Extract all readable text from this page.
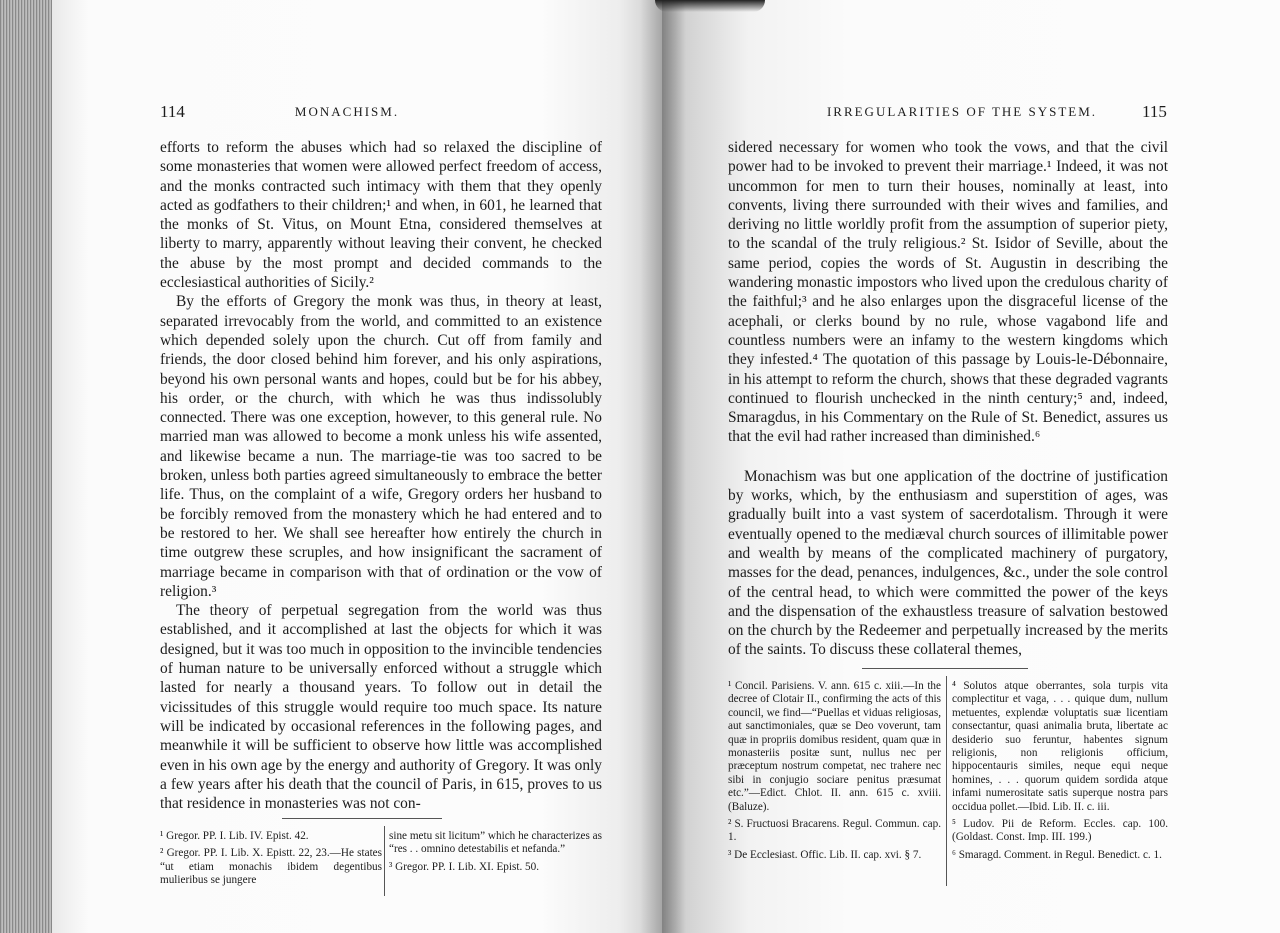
114	MONACHISM.

efforts to reform the abuses which had so relaxed the discipline of some monasteries that women were allowed perfect freedom of access, and the monks contracted such intimacy with them that they openly acted as godfathers to their children;¹ and when, in 601, he learned that the monks of St. Vitus, on Mount Etna, considered themselves at liberty to marry, apparently without leaving their convent, he checked the abuse by the most prompt and decided commands to the ecclesiastical authorities of Sicily.²

By the efforts of Gregory the monk was thus, in theory at least, separated irrevocably from the world, and committed to an existence which depended solely upon the church. Cut off from family and friends, the door closed behind him forever, and his only aspirations, beyond his own personal wants and hopes, could but be for his abbey, his order, or the church, with which he was thus indissolubly connected. There was one exception, however, to this general rule. No married man was allowed to become a monk unless his wife assented, and likewise became a nun. The marriage-tie was too sacred to be broken, unless both parties agreed simultaneously to embrace the better life. Thus, on the complaint of a wife, Gregory orders her husband to be forcibly removed from the monastery which he had entered and to be restored to her. We shall see hereafter how entirely the church in time outgrew these scruples, and how insignificant the sacrament of marriage became in comparison with that of ordination or the vow of religion.³

The theory of perpetual segregation from the world was thus established, and it accomplished at last the objects for which it was designed, but it was too much in opposition to the invincible tendencies of human nature to be universally enforced without a struggle which lasted for nearly a thousand years. To follow out in detail the vicissitudes of this struggle would require too much space. Its nature will be indicated by occasional references in the following pages, and meanwhile it will be sufficient to observe how little was accomplished even in his own age by the energy and authority of Gregory. It was only a few years after his death that the council of Paris, in 615, proves to us that residence in monasteries was not con-

¹ Gregor. PP. I. Lib. IV. Epist. 42.

² Gregor. PP. I. Lib. X. Epistt. 22, 23.—He states “ut etiam monachis ibidem degentibus mulieribus se jungere

sine metu sit licitum” which he characterizes as “res . . omnino detestabilis et nefanda.”

³ Gregor. PP. I. Lib. XI. Epist. 50.

IRREGULARITIES OF THE SYSTEM.	115

sidered necessary for women who took the vows, and that the civil power had to be invoked to prevent their marriage.¹ Indeed, it was not uncommon for men to turn their houses, nominally at least, into convents, living there surrounded with their wives and families, and deriving no little worldly profit from the assumption of superior piety, to the scandal of the truly religious.² St. Isidor of Seville, about the same period, copies the words of St. Augustin in describing the wandering monastic impostors who lived upon the credulous charity of the faithful;³ and he also enlarges upon the disgraceful license of the acephali, or clerks bound by no rule, whose vagabond life and countless numbers were an infamy to the western kingdoms which they infested.⁴ The quotation of this passage by Louis-le-Débonnaire, in his attempt to reform the church, shows that these degraded vagrants continued to flourish unchecked in the ninth century;⁵ and, indeed, Smaragdus, in his Commentary on the Rule of St. Benedict, assures us that the evil had rather increased than diminished.⁶

Monachism was but one application of the doctrine of justification by works, which, by the enthusiasm and superstition of ages, was gradually built into a vast system of sacerdotalism. Through it were eventually opened to the mediæval church sources of illimitable power and wealth by means of the complicated machinery of purgatory, masses for the dead, penances, indulgences, &c., under the sole control of the central head, to which were committed the power of the keys and the dispensation of the exhaustless treasure of salvation bestowed on the church by the Redeemer and perpetually increased by the merits of the saints. To discuss these collateral themes,

¹ Concil. Parisiens. V. ann. 615 c. xiii.—In the decree of Clotair II., confirming the acts of this council, we find—“Puellas et viduas religiosas, aut sanctimoniales, quæ se Deo voverunt, tam quæ in propriis domibus resident, quam quæ in monasteriis positæ sunt, nullus nec per præceptum nostrum competat, nec trahere nec sibi in conjugio sociare penitus præsumat etc.”—Edict. Chlot. II. ann. 615 c. xviii. (Baluze).

² S. Fructuosi Bracarens. Regul. Commun. cap. 1.

³ De Ecclesiast. Offic. Lib. II. cap. xvi. § 7.

⁴ Solutos atque oberrantes, sola turpis vita complectitur et vaga, . . . quique dum, nullum metuentes, explendæ voluptatis suæ licentiam consectantur, quasi animalia bruta, libertate ac desiderio suo feruntur, habentes signum religionis, non religionis officium, hippocentauris similes, neque equi neque homines, . . . quorum quidem sordida atque infami numerositate satis superque nostra pars occidua pollet.—Ibid. Lib. II. c. iii.

⁵ Ludov. Pii de Reform. Eccles. cap. 100. (Goldast. Const. Imp. III. 199.)

⁶ Smaragd. Comment. in Regul. Benedict. c. 1.
